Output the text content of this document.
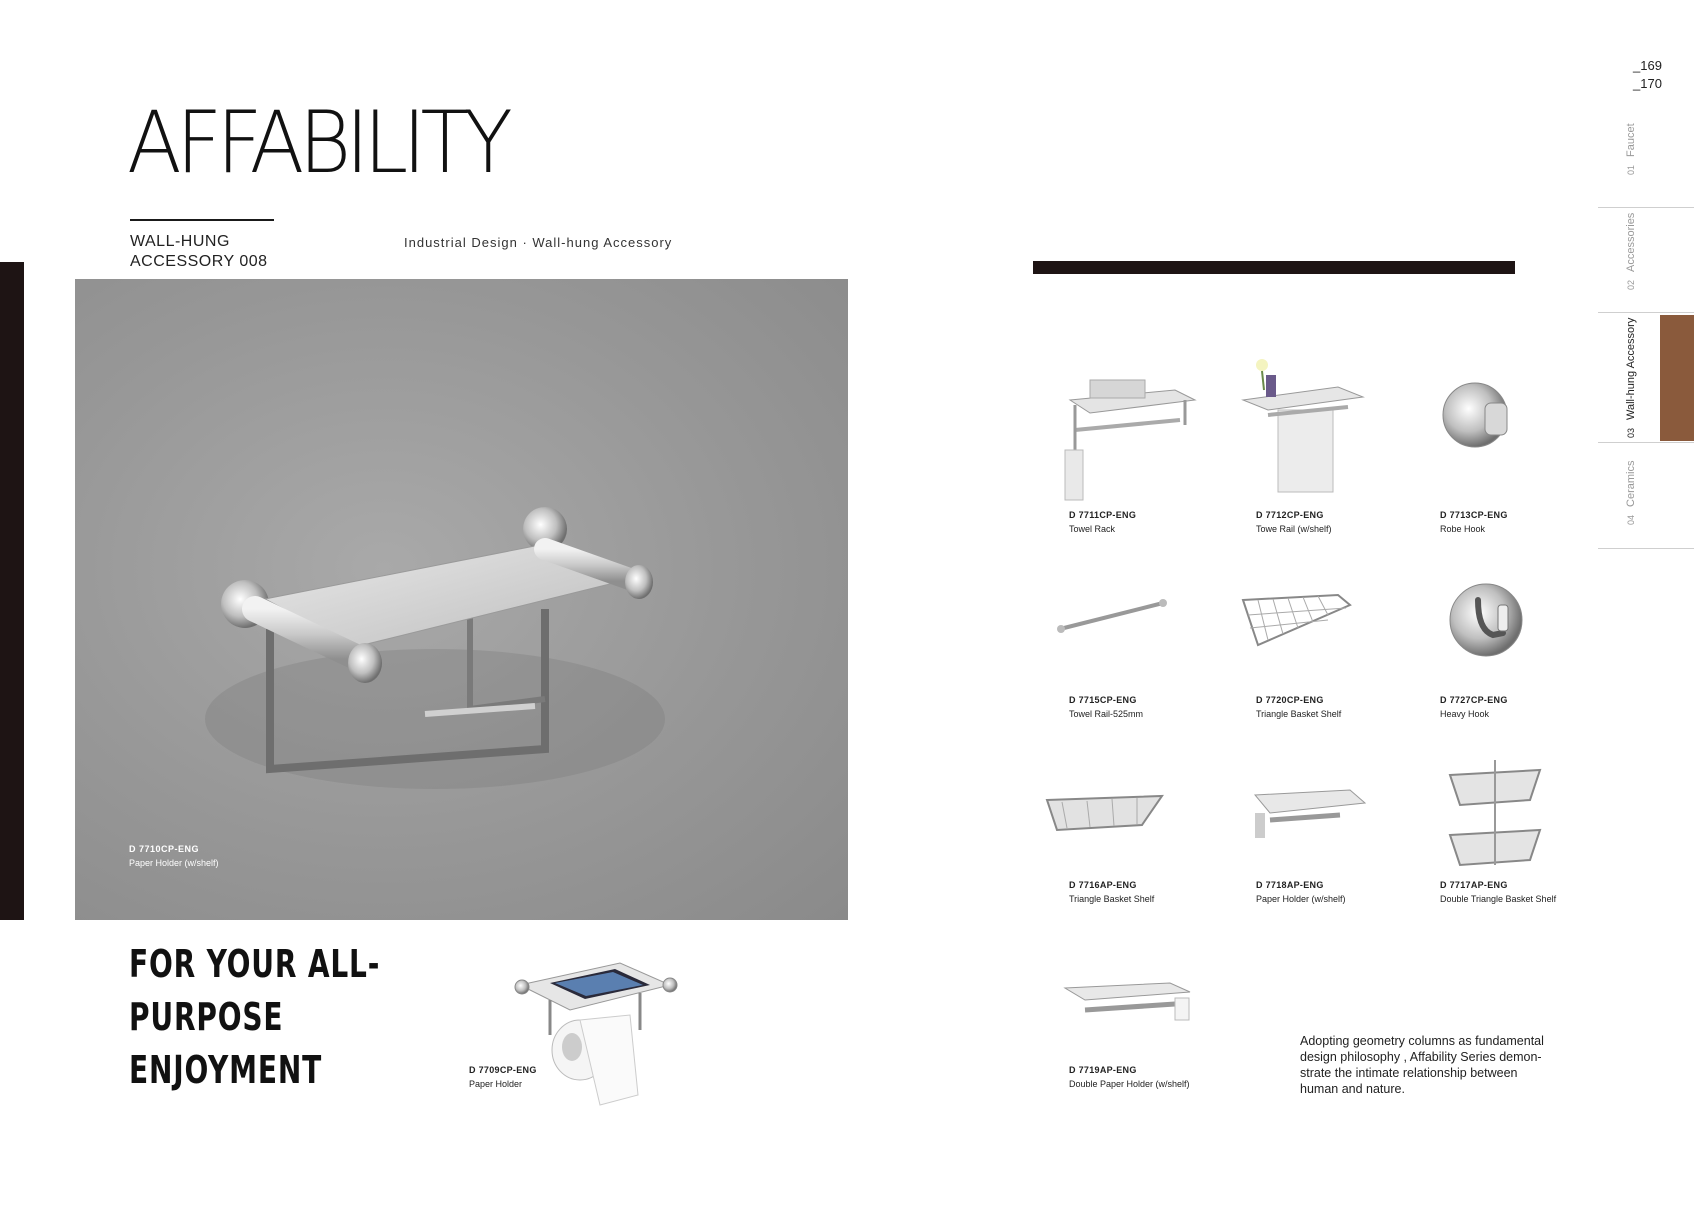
AFFABILITY
WALL-HUNG
ACCESSORY 008
Industrial Design · Wall-hung Accessory
D 7710CP-ENG
Paper Holder (w/shelf)
FOR YOUR ALL-
PURPOSE
ENJOYMENT	D 7709CP-ENG
Paper Holder
D 7711CP-ENG
Towel Rack
D 7712CP-ENG
Towe Rail (w/shelf)
D 7713CP-ENG
Robe Hook
D 7715CP-ENG
Towel Rail-525mm
D 7720CP-ENG
Triangle Basket Shelf
D 7727CP-ENG
Heavy Hook
D 7716AP-ENG
Triangle Basket Shelf
D 7718AP-ENG
Paper Holder (w/shelf)
D 7717AP-ENG
Double Triangle Basket Shelf
D 7719AP-ENG
Double Paper Holder (w/shelf)
Adopting geometry columns as fundamental
design philosophy , Affability Series demon-
strate the intimate relationship between
human and nature.
_169
_170
01Faucet
02Accessories
03Wall-hung Accessory
04Ceramics
